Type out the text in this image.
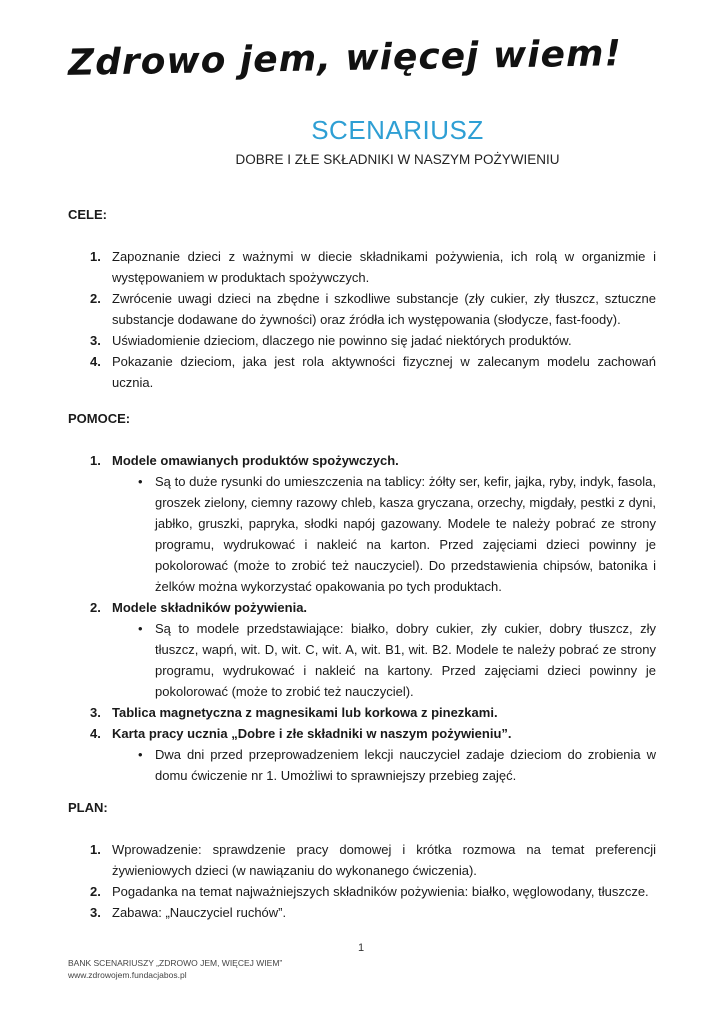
Zdrowo jem, więcej wiem!
SCENARIUSZ
DOBRE I ZŁE SKŁADNIKI W NASZYM POŻYWIENIU
CELE:
1. Zapoznanie dzieci z ważnymi w diecie składnikami pożywienia, ich rolą w organizmie i występowaniem w produktach spożywczych.
2. Zwrócenie uwagi dzieci na zbędne i szkodliwe substancje (zły cukier, zły tłuszcz, sztuczne substancje dodawane do żywności) oraz źródła ich występowania (słodycze, fast-foody).
3. Uświadomienie dzieciom, dlaczego nie powinno się jadać niektórych produktów.
4. Pokazanie dzieciom, jaka jest rola aktywności fizycznej w zalecanym modelu zachowań ucznia.
POMOCE:
1. Modele omawianych produktów spożywczych.
• Są to duże rysunki do umieszczenia na tablicy: żółty ser, kefir, jajka, ryby, indyk, fasola, groszek zielony, ciemny razowy chleb, kasza gryczana, orzechy, migdały, pestki z dyni, jabłko, gruszki, papryka, słodki napój gazowany. Modele te należy pobrać ze strony programu, wydrukować i nakleić na karton. Przed zajęciami dzieci powinny je pokolorować (może to zrobić też nauczyciel). Do przedstawienia chipsów, batonika i żelków można wykorzystać opakowania po tych produktach.
2. Modele składników pożywienia.
• Są to modele przedstawiające: białko, dobry cukier, zły cukier, dobry tłuszcz, zły tłuszcz, wapń, wit. D, wit. C, wit. A, wit. B1, wit. B2. Modele te należy pobrać ze strony programu, wydrukować i nakleić na kartony. Przed zajęciami dzieci powinny je pokolorować (może to zrobić też nauczyciel).
3. Tablica magnetyczna z magnesikami lub korkowa z pinezkami.
4. Karta pracy ucznia „Dobre i złe składniki w naszym pożywieniu”.
• Dwa dni przed przeprowadzeniem lekcji nauczyciel zadaje dzieciom do zrobienia w domu ćwiczenie nr 1. Umożliwi to sprawniejszy przebieg zajęć.
PLAN:
1. Wprowadzenie: sprawdzenie pracy domowej i krótka rozmowa na temat preferencji żywieniowych dzieci (w nawiązaniu do wykonanego ćwiczenia).
2. Pogadanka na temat najważniejszych składników pożywienia: białko, węglowodany, tłuszcze.
3. Zabawa: „Nauczyciel ruchów”.
1
BANK SCENARIUSZY „ZDROWO JEM, WIĘCEJ WIEM”
www.zdrowojem.fundacjabos.pl
